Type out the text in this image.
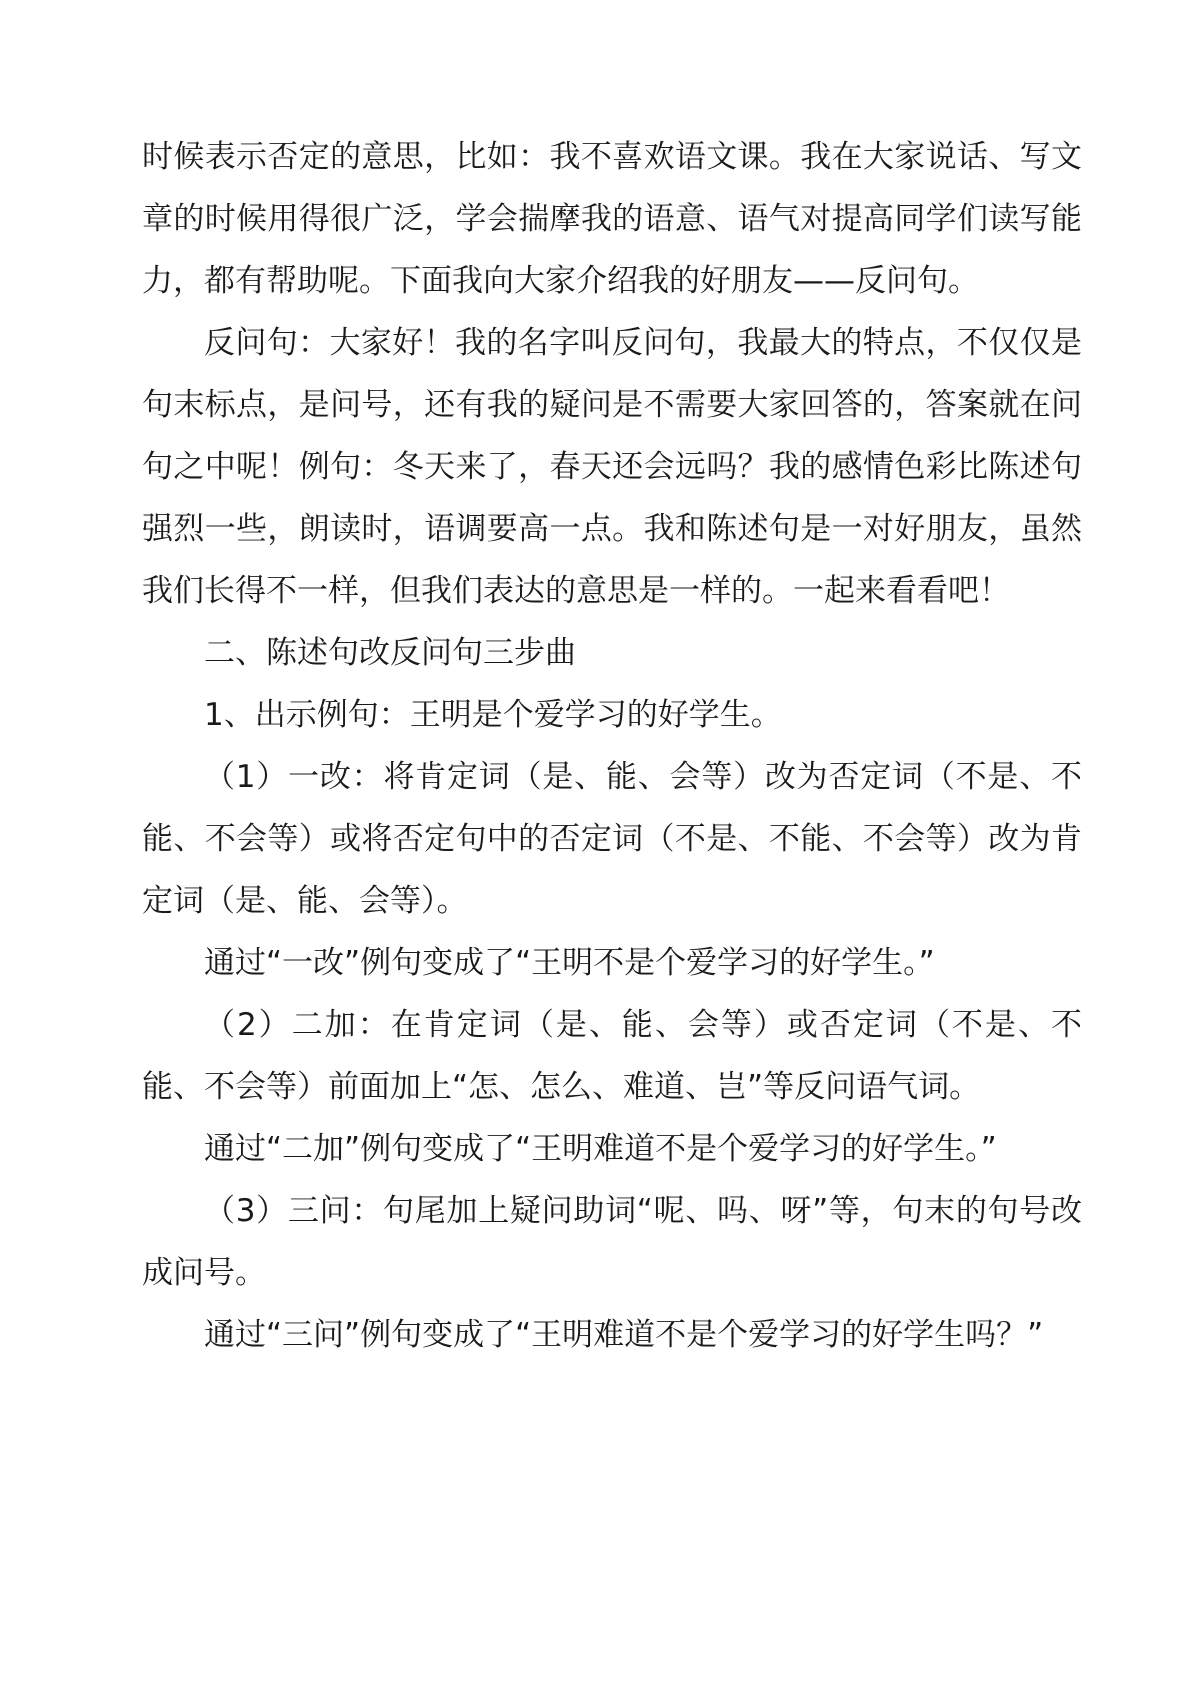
时候表示否定的意思，比如：我不喜欢语文课。我在大家说话、写文章的时候用得很广泛，学会揣摩我的语意、语气对提高同学们读写能力，都有帮助呢。下面我向大家介绍我的好朋友——反问句。

反问句：大家好！我的名字叫反问句，我最大的特点，不仅仅是句末标点，是问号，还有我的疑问是不需要大家回答的，答案就在问句之中呢！例句：冬天来了，春天还会远吗？我的感情色彩比陈述句强烈一些，朗读时，语调要高一点。我和陈述句是一对好朋友，虽然我们长得不一样，但我们表达的意思是一样的。一起来看看吧！

二、陈述句改反问句三步曲

1、出示例句：王明是个爱学习的好学生。

（1）一改：将肯定词（是、能、会等）改为否定词（不是、不能、不会等）或将否定句中的否定词（不是、不能、不会等）改为肯定词（是、能、会等）。

通过“一改”例句变成了“王明不是个爱学习的好学生。”

（2）二加：在肯定词（是、能、会等）或否定词（不是、不能、不会等）前面加上“怎、怎么、难道、岂”等反问语气词。

通过“二加”例句变成了“王明难道不是个爱学习的好学生。”

（3）三问：句尾加上疑问助词“呢、吗、呀”等，句末的句号改成问号。

通过“三问”例句变成了“王明难道不是个爱学习的好学生吗？”
